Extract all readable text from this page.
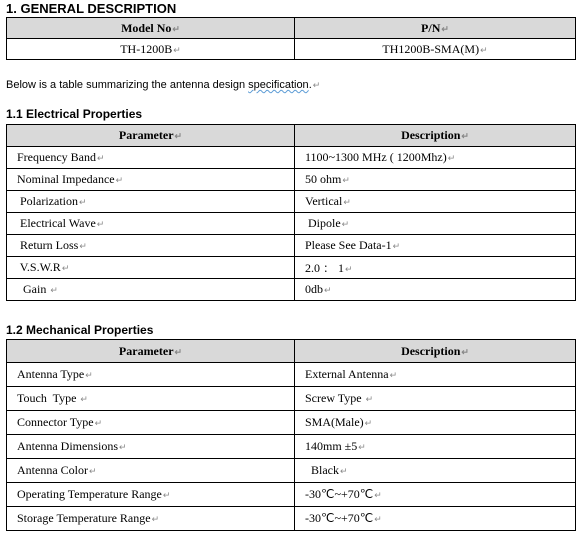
1. GENERAL DESCRIPTION
Model No↵	P/N↵
TH-1200B↵	TH1200B-SMA(M)↵
Below is a table summarizing the antenna design specification.↵
1.1 Electrical Properties
Parameter↵	Description↵
Frequency Band↵	1100~1300 MHz ( 1200Mhz)↵
Nominal Impedance↵	50 ohm↵
Polarization↵	Vertical↵
Electrical Wave↵	Dipole↵
Return Loss↵	Please See Data-1↵
V.S.W.R↵	2.0 ： 1↵
Gain ↵	0db↵
1.2 Mechanical Properties
Parameter↵	Description↵
Antenna Type↵	External Antenna↵
Touch  Type ↵	Screw Type ↵
Connector Type↵	SMA(Male)↵
Antenna Dimensions↵	140mm ±5↵
Antenna Color↵	Black↵
Operating Temperature Range↵	-30℃~+70℃↵
Storage Temperature Range↵	-30℃~+70℃↵
